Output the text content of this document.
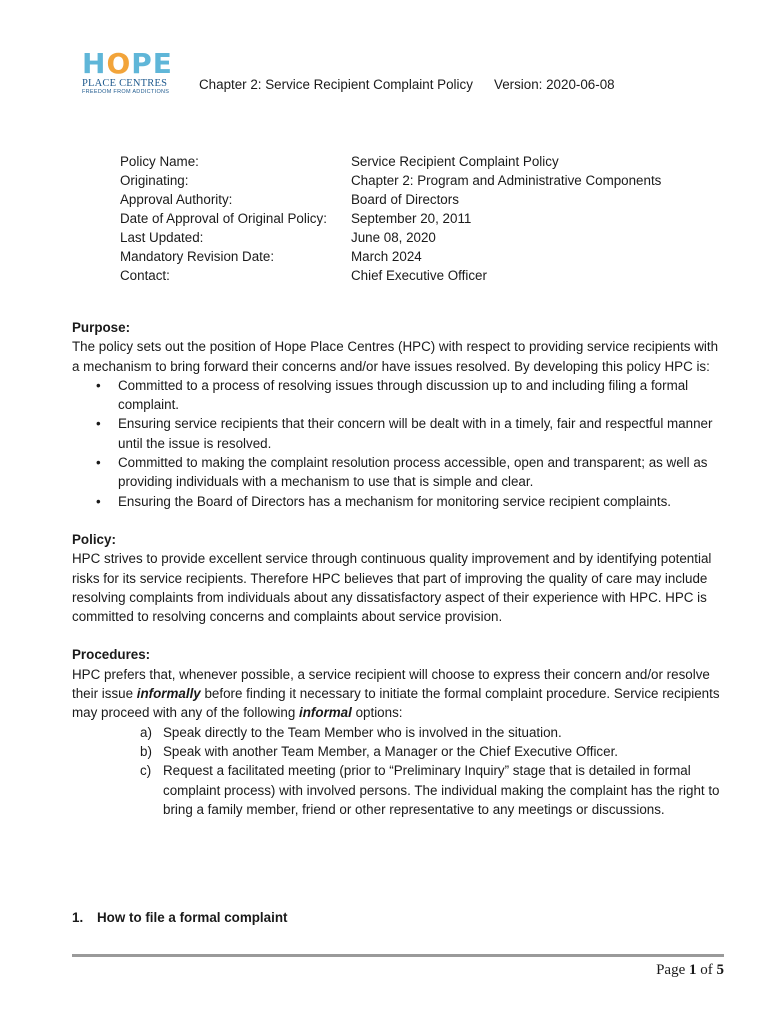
HOPE
PLACE CENTRES
FREEDOM FROM ADDICTIONS	Chapter 2: Service Recipient Complaint Policy Version: 2020-06-08
Policy Name:	Service Recipient Complaint Policy
Originating:	Chapter 2: Program and Administrative Components
Approval Authority:	Board of Directors
Date of Approval of Original Policy:	September 20, 2011
Last Updated:	June 08, 2020
Mandatory Revision Date:	March 2024
Contact:	Chief Executive Officer
Purpose:

The policy sets out the position of Hope Place Centres (HPC) with respect to providing service recipients with a mechanism to bring forward their concerns and/or have issues resolved. By developing this policy HPC is:

• Committed to a process of resolving issues through discussion up to and including filing a formal complaint.
• Ensuring service recipients that their concern will be dealt with in a timely, fair and respectful manner until the issue is resolved.
• Committed to making the complaint resolution process accessible, open and transparent; as well as providing individuals with a mechanism to use that is simple and clear.
• Ensuring the Board of Directors has a mechanism for monitoring service recipient complaints.
Policy:

HPC strives to provide excellent service through continuous quality improvement and by identifying potential risks for its service recipients. Therefore HPC believes that part of improving the quality of care may include resolving complaints from individuals about any dissatisfactory aspect of their experience with HPC. HPC is committed to resolving concerns and complaints about service provision.

Procedures:

HPC prefers that, whenever possible, a service recipient will choose to express their concern and/or resolve their issue informally before finding it necessary to initiate the formal complaint procedure. Service recipients may proceed with any of the following informal options:

a) Speak directly to the Team Member who is involved in the situation.
b) Speak with another Team Member, a Manager or the Chief Executive Officer.
c) Request a facilitated meeting (prior to “Preliminary Inquiry” stage that is detailed in formal complaint process) with involved persons. The individual making the complaint has the right to bring a family member, friend or other representative to any meetings or discussions.
1. How to file a formal complaint
Page 1 of 5
